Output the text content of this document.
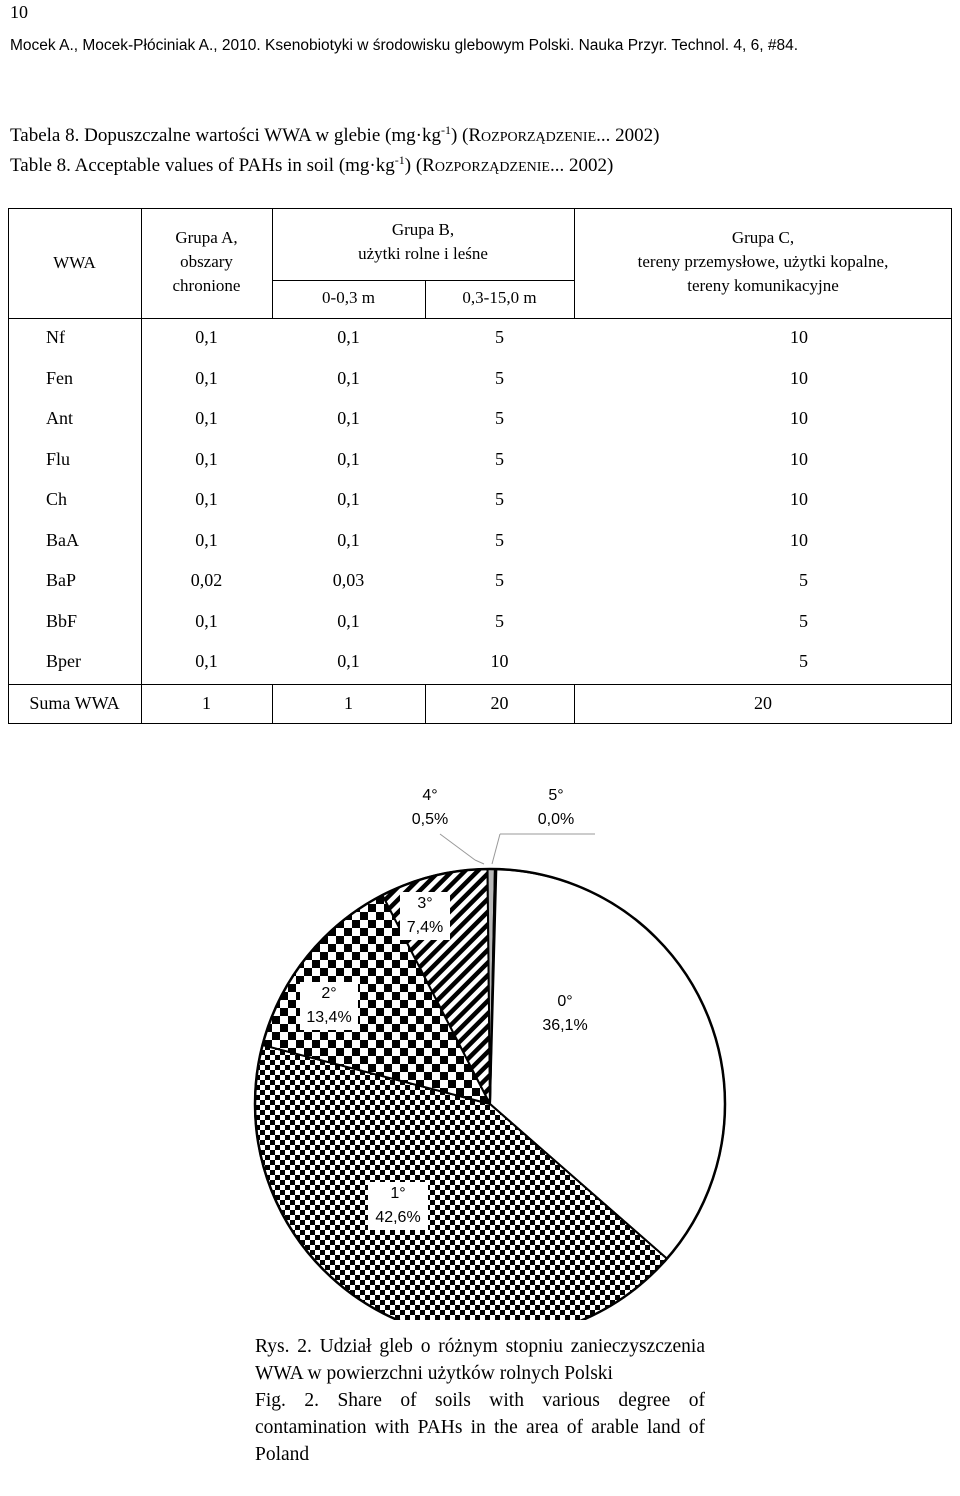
10
Mocek A., Mocek-Płóciniak A., 2010. Ksenobiotyki w środowisku glebowym Polski. Nauka Przyr. Technol. 4, 6, #84.
Tabela 8. Dopuszczalne wartości WWA w glebie $(mg\cdot kg^{-1})$ (ROZPORZĄDZENIE... 2002)
Table 8. Acceptable values of PAHs in soil $(mg\cdot kg^{-1})$ (ROZPORZĄDZENIE... 2002)
WWA
Grupa A,
obszary
chronione
Grupa B,
użytki rolne i leśne
0-0,3 m	0,3-15,0 m
Grupa C,
tereny przemysłowe, użytki kopalne,
tereny komunikacyjne
Nf	0,1	0,1	5	10
Fen	0,1	0,1	5	10
Ant	0,1	0,1	5	10
Flu	0,1	0,1	5	10
Ch	0,1	0,1	5	10
BaA	0,1	0,1	5	10
BaP	0,02	0,03	5	5
BbF	0,1	0,1	5	5
Bper	0,1	0,1	10	5
Suma WWA	1	1	20	20
0°
36,1%
1°
42,6%
2°
13,4%
3°
7,4%
4°
0,5%
5°
0,0%

Rys. 2. Udział gleb o różnym stopniu zanieczyszczenia WWA w powierzchni użytków rolnych Polski

Fig. 2. Share of soils with various degree of contamination with PAHs in the area of arable land of Poland
